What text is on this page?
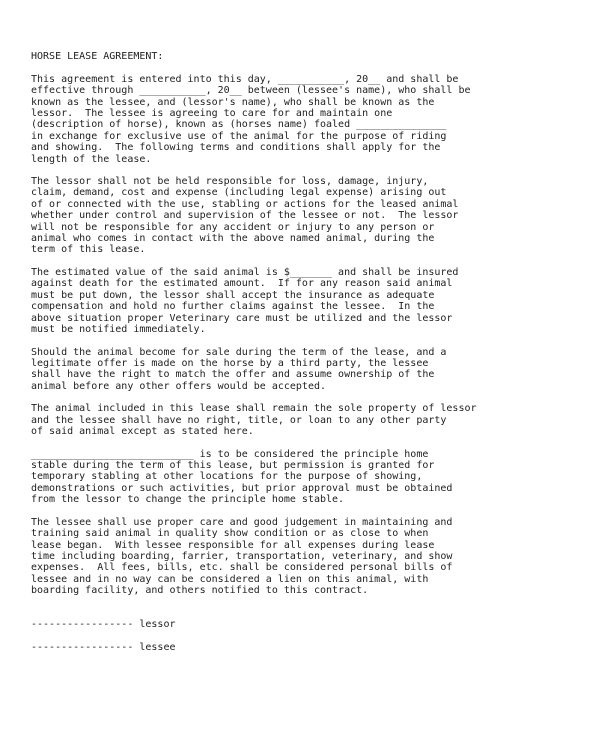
HORSE LEASE AGREEMENT:
This agreement is entered into this day, ___________, 20__ and shall be
effective through ___________, 20__ between (lessee's name), who shall be
known as the lessee, and (lessor's name), who shall be known as the
lessor.  The lessee is agreeing to care for and maintain one
(description of horse), known as (horses name) foaled _______________
in exchange for exclusive use of the animal for the purpose of riding
and showing.  The following terms and conditions shall apply for the
length of the lease.
The lessor shall not be held responsible for loss, damage, injury,
claim, demand, cost and expense (including legal expense) arising out
of or connected with the use, stabling or actions for the leased animal
whether under control and supervision of the lessee or not.  The lessor
will not be responsible for any accident or injury to any person or
animal who comes in contact with the above named animal, during the
term of this lease.
The estimated value of the said animal is $_______ and shall be insured
against death for the estimated amount.  If for any reason said animal
must be put down, the lessor shall accept the insurance as adequate
compensation and hold no further claims against the lessee.  In the
above situation proper Veterinary care must be utilized and the lessor
must be notified immediately.
Should the animal become for sale during the term of the lease, and a
legitimate offer is made on the horse by a third party, the lessee
shall have the right to match the offer and assume ownership of the
animal before any other offers would be accepted.
The animal included in this lease shall remain the sole property of lessor
and the lessee shall have no right, title, or loan to any other party
of said animal except as stated here.
___________________________ is to be considered the principle home
stable during the term of this lease, but permission is granted for
temporary stabling at other locations for the purpose of showing,
demonstrations or such activities, but prior approval must be obtained
from the lessor to change the principle home stable.
The lessee shall use proper care and good judgement in maintaining and
training said animal in quality show condition or as close to when
lease began.  With lessee responsible for all expenses during lease
time including boarding, farrier, transportation, veterinary, and show
expenses.  All fees, bills, etc. shall be considered personal bills of
lessee and in no way can be considered a lien on this animal, with
boarding facility, and others notified to this contract.
----------------- lessor
----------------- lessee
